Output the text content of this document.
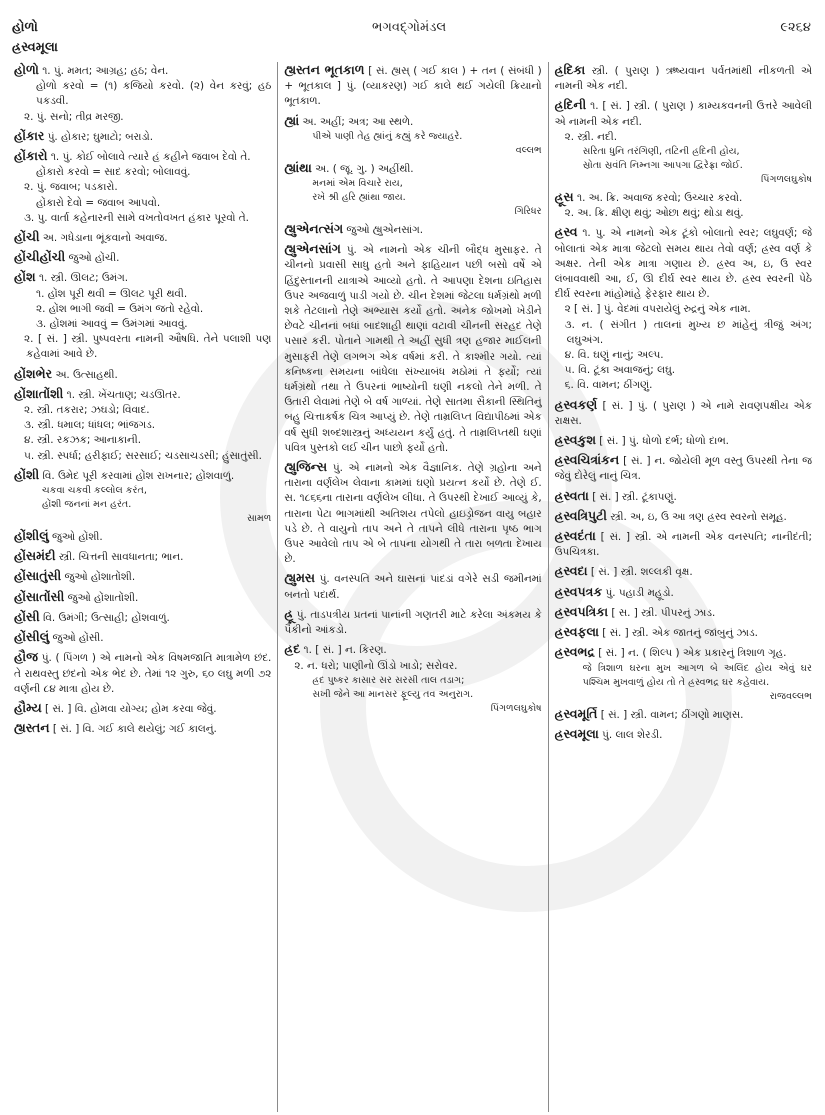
હોળો	ભગવદ્ગોમંડલ	૯૨૬૪
હ્રસ્વમૂલા
હોળો ૧. પું. મમત; આગ્રહ; હઠ; વેન.
હોળો કરવો = (૧) કજિયો કરવો. (૨) વેન કરવું; હઠ પકડવી.
૨. પું. સનો; તીવ્ર મરજી.
હોંકાર પું. હોકાર; ઘુમાટો; બરાડો.
હોંકારો ૧. પું. કોઈ બોલાવે ત્યારે હં કહીને જવાબ દેવો તે.
હોંકારો કરવો = સાદ કરવો; બોલાવવું.
૨. પું. જવાબ; પડકારો.
હોંકારો દેવો = જવાબ આપવો.
૩. પુ. વાર્તા કહેનારની સામે વખતોવખત હંકાર પૂરવો તે.
હોંચી અ. ગધેડાના ભૂંકવાનો અવાજ.
હોંચીહોંચી જુઓ હોંચી.
હોંશ ૧. સ્ત્રી. ઊલટ; ઉમંગ.
૧. હોંશ પૂરી થવી = ઊલટ પૂરી થવી.
૨. હોંશ ભાગી જવી = ઉમંગ જતો રહેવો.
૩. હોંશમાં આવવું = ઉમંગમાં આવવું.
૨. [ સં. ] સ્ત્રી. પુષ્પવરતા નામની ઔષધિ. તેને પલાશી પણ કહેવામાં આવે છે.
હોંશભેર અ. ઉત્સાહથી.
હોંશાતોંશી ૧. સ્ત્રી. ખેંચતાણ; ચડઊતર.
૨. સ્ત્રી. તકરાર; ઝઘડો; વિવાદ.
૩. સ્ત્રી. ધમાલ; ધાંધલ; ભાંજગડ.
૪. સ્ત્રી. રકઝક; આનાકાની.
૫. સ્ત્રી. સ્પર્ધા; હરીફાઈ; સરસાઈ; ચડસાચડસી; હુંસાતુંસી.
હોંશી વિ. ઉમેદ પૂરી કરવામાં હોંશ રાખનાર; હોંશવાળું.
ચકવા ચકવી કલ્લોલ કરંત,
હોંશી જનનાં મન હરંત.
સામળ
હોંશીલું જુઓ હોંશી.
હોંસમંદી સ્ત્રી. ચિત્તની સાવધાનતા; ભાન.
હોંસાતુંસી જુઓ હોંશાતોંશી.
હોંસાતોંસી જુઓ હોંશાતોંશી.
હોંસી વિ. ઉમંગી; ઉત્સાહી; હોંશવાળું.
હોંસીલું જુઓ હોંસી.
હૌજ પું. ( પિંગળ ) એ નામનો એક વિષમજાતિ માત્રામેળ છંદ. તે રાથવસ્તુ છંદનો એક ભેદ છે. તેમાં ૧૨ ગુરુ, ૬૦ લઘુ મળી ૭૨ વર્ણની ૮૪ માત્રા હોય છે.
હૌમ્ય [ સં. ] વિ. હોમવા યોગ્ય; હોમ કરવા જેવું.
હ્યસ્તન [ સં. ] વિ. ગઈ કાલે થયેલું; ગઈ કાલનું.
હ્યસ્તન ભૂતકાળ [ સં. હ્યસ્ ( ગઈ કાલ ) + તન ( સંબંધી ) + ભૂતકાલ ] પું. (વ્યાકરણ) ગઈ કાલે થઈ ગયેલી ક્રિયાનો ભૂતકાળ.
હ્યાં અ. અહીં; અત્ર; આ સ્થળે.
પીએ પાણી તેહ હ્યાંનું કહ્યું કરે જ્યાહરે.
વલ્લભ
હ્યાંથા અ. ( જૂ. ગુ. ) અહીંથી.
મનમાં એમ વિચારે રાય,
રખે શ્રી હરિ હ્યાંથા જાય.
ગિરિધર
હ્યુએનત્સંગ જુઓ હ્યુએનસાંગ.
હ્યુએનસાંગ પું. એ નામનો એક ચીની બૌદ્ધ મુસાફર. તે ચીનનો પ્રવાસી સાધુ હતો અને ફાહિયાન પછી બસો વર્ષે એ હિંદુસ્તાનની યાત્રાએ આવ્યો હતો. તે આપણા દેશના ઇતિહાસ ઉપર અજવાળું પાડી ગયો છે. ચીન દેશમાં જેટલા ધર્મગ્રંથો મળી શકે તેટલાનો તેણે અભ્યાસ કર્યો હતો. અનેક જોખમો ખેડીને છેવટે ચીનનાં બધાં બાદશાહી થાણાં વટાવી ચીનની સરહદ તેણે પસાર કરી. પોતાને ગામથી તે અહીં સુધી ત્રણ હજાર માઈલની મુસાફરી તેણે લગભગ એક વર્ષમાં કરી. તે કાશ્મીર ગયો. ત્યાં કનિષ્કના સમયના બાંધેલા સંખ્યાબંધ મઠોમાં તે ફર્યો; ત્યાં ધર્મગ્રંથો તથા તે ઉપરનાં ભાષ્યોની ઘણી નકલો તેને મળી. તે ઉતારી લેવામાં તેણે બે વર્ષ ગાળ્યાં. તેણે સાતમા સૈકાની સ્થિતિનું બહુ ચિત્તાકર્ષક ચિત્ર આપ્યું છે. તેણે તામ્રલિપ્ત વિદ્યાપીઠમાં એક વર્ષ સુધી શબ્દશાસ્ત્રનું અધ્યયન કર્યું હતું. તે તામ્રલિપ્તથી ઘણાં પવિત્ર પુસ્તકો લઈ ચીન પાછો ફર્યો હતો.
હ્યુજિન્સ પું. એ નામનો એક વૈજ્ઞાનિક. તેણે ગ્રહોના અને તારાના વર્ણલેખ લેવાના કામમાં ઘણો પ્રયત્ન કર્યો છે. તેણે ઈ. સ. ૧૮૬૬ના તારાના વર્ણલેખ લીધા. તે ઉપરથી દેખાઈ આવ્યું કે, તારાના પેટા ભાગમાંથી અતિશય તપેલો હાઇડ્રોજન વાયુ બહાર પડે છે. તે વાયુનો તાપ અને તે તાપને લીધે તારાના પૃષ્ઠ ભાગ ઉપર આવેલો તાપ એ બે તાપના યોગથી તે તારા બળતા દેખાય છે.
હ્યુમસ પું. વનસ્પતિ અને ઘાસનાં પાંદડાં વગેરે સડી જમીનમાં બનતો પદાર્થ.
હ્રૂ પું. તાડપત્રીય પ્રતનાં પાનાંની ગણતરી માટે કરેલા અંકમય કે પૈકીનો આંકડો.
હ્રદ ૧. [ સં. ] ન. કિરણ.
૨. ન. ધરો; પાણીનો ઊંડો ખાડો; સરોવર.
હ્રદ પુષ્કર કાસાર સર સરસી તાલ તડાગ;
સખી જેને આ માનસર ફૂલ્યુ તવ અનુરાગ.
પિંગળલઘુકોષ
હ્રદિકા સ્ત્રી. ( પુરાણ ) ઋષ્યવાન પર્વતમાંથી નીકળતી એ નામની એક નદી.
હ્રદિની ૧. [ સં. ] સ્ત્રી. ( પુરાણ ) કામ્યકવનની ઉત્તરે આવેલી એ નામની એક નદી.
૨. સ્ત્રી. નદી.
સરિતા ધુનિ તરંગિણી, તટિની હ્રદિની હોય,
સ્રોતા સ્રવંતિ નિમ્નગા આપગા દ્વિરેફ્રા જોઈ.
પિંગળલઘુકોષ
હ્રૂસ ૧. અ. ક્રિ. અવાજ કરવો; ઉચ્ચાર કરવો.
૨. અ. ક્રિ. ક્ષીણ થવું; ઓછા થવું; થોડા થવું.
હ્રસ્વ ૧. પુ. એ નામનો એક ટૂંકો બોલાતો સ્વર; લઘુવર્ણ; જે બોલાતાં એક માત્રા જેટલો સમય થાય તેવો વર્ણ; હ્રસ્વ વર્ણ કે અક્ષર. તેની એક માત્રા ગણાય છે. હ્રસ્વ અ, ઇ, ઉ સ્વર લંબાવવાથી આ, ઈ, ઊ દીર્ઘ સ્વર થાય છે. હ્રસ્વ સ્વરની પેઠે દીર્ઘ સ્વરના માંહોમાંહે ફેરફાર થાય છે.
૨ [ સં. ] પું. વેદમાં વપરાયેલું રુદ્રનું એક નામ.
૩. ન. ( સંગીત ) તાલનાં મુખ્ય છ માંહેનું ત્રીજું અંગ; લઘુઅંગ.
૪. વિ. ઘણું નાનું; અલ્પ.
૫. વિ. ટૂંકા અવાજનું; લઘુ.
૬. વિ. વામન; ઠીંગણું.
હ્રસ્વકર્ણ [ સં. ] પું. ( પુરાણ ) એ નામે રાવણપક્ષીય એક રાક્ષસ.
હ્રસ્વકુશ [ સં. ] પું. ધોળો દર્ભ; ધોળો દાભ.
હ્રસ્વચિત્રાંકન [ સં. ] ન. જોયેલી મૂળ વસ્તુ ઉપરથી તેના જ જેવું દોરેલું નાનું ચિત્ર.
હ્રસ્વતા [ સં. ] સ્ત્રી. ટૂંકાપણું.
હ્રસ્વત્રિપુટી સ્ત્રી. અ, ઇ, ઉ આ ત્રણ હ્રસ્વ સ્વરનો સમૂહ.
હ્રસ્વદંતા [ સં. ] સ્ત્રી. એ નામની એક વનસ્પતિ; નાનીદંતી; ઉપચિત્રકા.
હ્રસ્વદા [ સં. ] સ્ત્રી. શલ્લકી વૃક્ષ.
હ્રસ્વપત્રક પું. પહાડી મહૂડો.
હ્રસ્વપત્રિકા [ સ. ] સ્ત્રી. પીપરનું ઝાડ.
હ્રસ્વફલા [ સં. ] સ્ત્રી. એક જાતનું જાંબુનું ઝાડ.
હ્રસ્વભદ્ર [ સં. ] ન. ( શિલ્પ ) એક પ્રકારનું ત્રિશાળ ગૃહ.
જે ત્રિશાળ ઘરના મુખ આગળ બે અલિંદ હોય એવું ઘર પશ્ચિમ મુખવાળું હોય તો તે હ્રસ્વભદ્ર ઘર કહેવાય.
રાજવલ્લભ
હ્રસ્વમૂર્તિ [ સં. ] સ્ત્રી. વામન; ઠીંગણો માણસ.
હ્રસ્વમૂલા પું. લાલ શેરડી.
